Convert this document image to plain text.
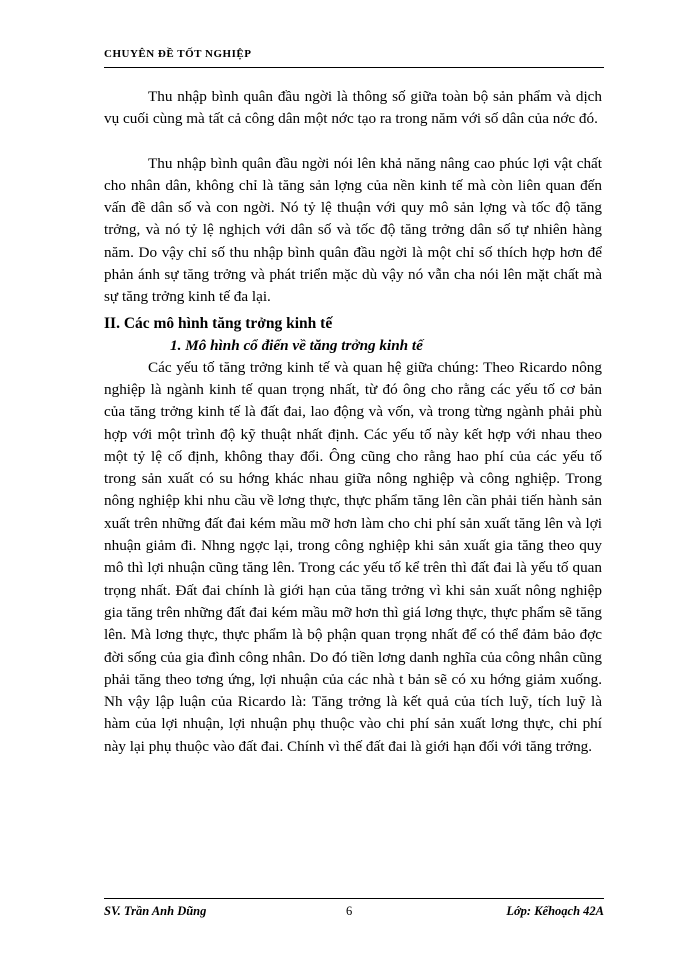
CHUYÊN ĐỀ TỐT NGHIỆP

Thu nhập bình quân đầu ngời là thông số giữa toàn bộ sản phẩm và dịch vụ cuối cùng mà tất cả công dân một nớc tạo ra trong năm với số dân của nớc đó.

Thu nhập bình quân đầu ngời nói lên khả năng nâng cao phúc lợi vật chất cho nhân dân, không chỉ là tăng sản lợng của nền kinh tế mà còn liên quan đến vấn đề dân số và con ngời. Nó tỷ lệ thuận với quy mô sản lợng và tốc độ tăng trởng, và nó tỷ lệ nghịch với dân số và tốc độ tăng trởng dân số tự nhiên hàng năm. Do vậy chỉ số thu nhập bình quân đầu ngời là một chỉ số thích hợp hơn để phản ánh sự tăng trởng và phát triển mặc dù vậy nó vẫn cha nói lên mặt chất mà sự tăng trởng kinh tế đa lại.

II. Các mô hình tăng trởng kinh tế
1. Mô hình cổ điển về tăng trởng kinh tế

Các yếu tố tăng trởng kinh tế và quan hệ giữa chúng: Theo Ricardo nông nghiệp là ngành kinh tế quan trọng nhất, từ đó ông cho rằng các yếu tố cơ bản của tăng trởng kinh tế là đất đai, lao động và vốn, và trong từng ngành phải phù hợp với một trình độ kỹ thuật nhất định. Các yếu tố này kết hợp với nhau theo một tỷ lệ cố định, không thay đổi. Ông cũng cho rằng hao phí của các yếu tố trong sản xuất có su hớng khác nhau giữa nông nghiệp và công nghiệp. Trong nông nghiệp khi nhu cầu về lơng thực, thực phẩm tăng lên cần phải tiến hành sản xuất trên những đất đai kém mầu mỡ hơn làm cho chi phí sản xuất tăng lên và lợi nhuận giảm đi. Nhng ngợc lại, trong công nghiệp khi sản xuất gia tăng theo quy mô thì lợi nhuận cũng tăng lên. Trong các yếu tố kể trên thì đất đai là yếu tố quan trọng nhất. Đất đai chính là giới hạn của tăng trởng vì khi sản xuất nông nghiệp gia tăng trên những đất đai kém mầu mỡ hơn thì giá lơng thực, thực phẩm sẽ tăng lên. Mà lơng thực, thực phẩm là bộ phận quan trọng nhất để có thể đảm bảo đợc đời sống của gia đình công nhân. Do đó tiền lơng danh nghĩa của công nhân cũng phải tăng theo tơng ứng, lợi nhuận của các nhà t bản sẽ có xu hớng giảm xuống. Nh vậy lập luận của Ricardo là: Tăng trởng là kết quả của tích luỹ, tích luỹ là hàm của lợi nhuận, lợi nhuận phụ thuộc vào chi phí sản xuất lơng thực, chi phí này lại phụ thuộc vào đất đai. Chính vì thế đất đai là giới hạn đối với tăng trởng.

SV. Trần Anh Dũng	6	Lớp: Kếhoạch 42A
